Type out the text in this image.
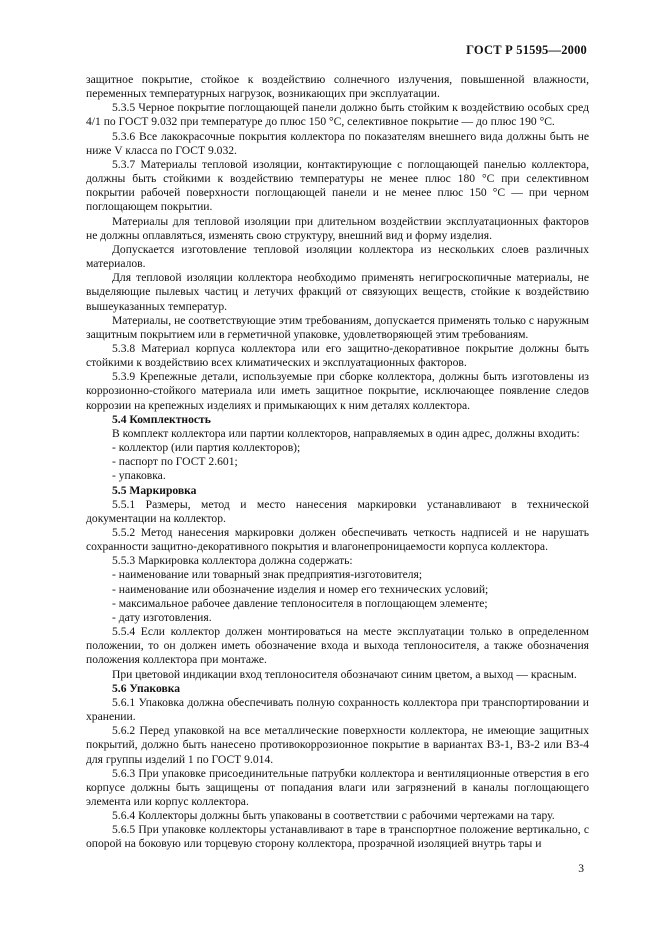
ГОСТ Р 51595—2000

защитное покрытие, стойкое к воздействию солнечного излучения, повышенной влажности, переменных температурных нагрузок, возникающих при эксплуатации.

5.3.5 Черное покрытие поглощающей панели должно быть стойким к воздействию особых сред 4/1 по ГОСТ 9.032 при температуре до плюс 150 °С, селективное покрытие — до плюс 190 °С.

5.3.6 Все лакокрасочные покрытия коллектора по показателям внешнего вида должны быть не ниже V класса по ГОСТ 9.032.

5.3.7 Материалы тепловой изоляции, контактирующие с поглощающей панелью коллектора, должны быть стойкими к воздействию температуры не менее плюс 180 °С при селективном покрытии рабочей поверхности поглощающей панели и не менее плюс 150 °С — при черном поглощающем покрытии.

Материалы для тепловой изоляции при длительном воздействии эксплуатационных факторов не должны оплавляться, изменять свою структуру, внешний вид и форму изделия.

Допускается изготовление тепловой изоляции коллектора из нескольких слоев различных материалов.

Для тепловой изоляции коллектора необходимо применять негигроскопичные материалы, не выделяющие пылевых частиц и летучих фракций от связующих веществ, стойкие к воздействию вышеуказанных температур.

Материалы, не соответствующие этим требованиям, допускается применять только с наружным защитным покрытием или в герметичной упаковке, удовлетворяющей этим требованиям.

5.3.8 Материал корпуса коллектора или его защитно-декоративное покрытие должны быть стойкими к воздействию всех климатических и эксплуатационных факторов.

5.3.9 Крепежные детали, используемые при сборке коллектора, должны быть изготовлены из коррозионно-стойкого материала или иметь защитное покрытие, исключающее появление следов коррозии на крепежных изделиях и примыкающих к ним деталях коллектора.

5.4 Комплектность

В комплект коллектора или партии коллекторов, направляемых в один адрес, должны входить:

- коллектор (или партия коллекторов);

- паспорт по ГОСТ 2.601;

- упаковка.

5.5 Маркировка

5.5.1 Размеры, метод и место нанесения маркировки устанавливают в технической документации на коллектор.

5.5.2 Метод нанесения маркировки должен обеспечивать четкость надписей и не нарушать сохранности защитно-декоративного покрытия и влагонепроницаемости корпуса коллектора.

5.5.3 Маркировка коллектора должна содержать:

- наименование или товарный знак предприятия-изготовителя;

- наименование или обозначение изделия и номер его технических условий;

- максимальное рабочее давление теплоносителя в поглощающем элементе;

- дату изготовления.

5.5.4 Если коллектор должен монтироваться на месте эксплуатации только в определенном положении, то он должен иметь обозначение входа и выхода теплоносителя, а также обозначения положения коллектора при монтаже.

При цветовой индикации вход теплоносителя обозначают синим цветом, а выход — красным.

5.6 Упаковка

5.6.1 Упаковка должна обеспечивать полную сохранность коллектора при транспортировании и хранении.

5.6.2 Перед упаковкой на все металлические поверхности коллектора, не имеющие защитных покрытий, должно быть нанесено противокоррозионное покрытие в вариантах ВЗ-1, ВЗ-2 или ВЗ-4 для группы изделий 1 по ГОСТ 9.014.

5.6.3 При упаковке присоединительные патрубки коллектора и вентиляционные отверстия в его корпусе должны быть защищены от попадания влаги или загрязнений в каналы поглощающего элемента или корпус коллектора.

5.6.4 Коллекторы должны быть упакованы в соответствии с рабочими чертежами на тару.

5.6.5 При упаковке коллекторы устанавливают в таре в транспортное положение вертикально, с опорой на боковую или торцевую сторону коллектора, прозрачной изоляцией внутрь тары и

3
